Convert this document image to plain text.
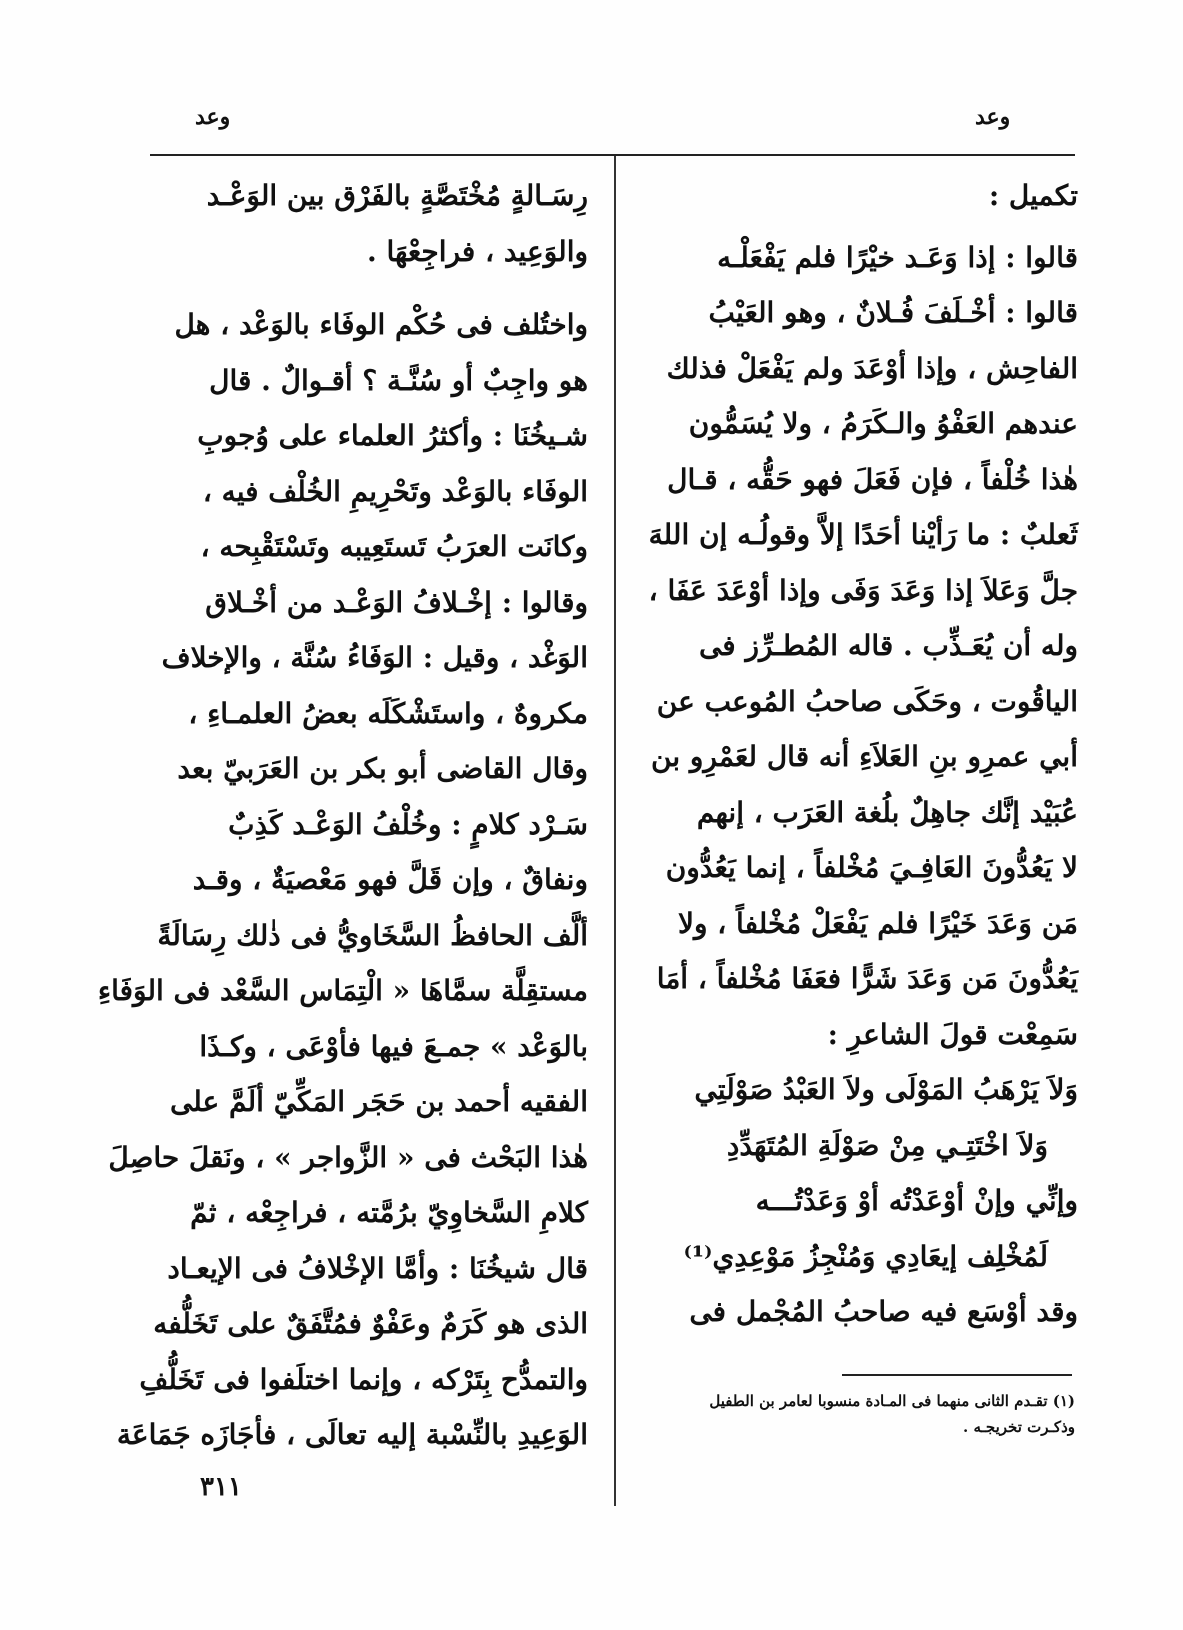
وعد
وعد

تكميل :

قالوا : إذا وَعَـد خيْرًا فلم يَفْعَلْـه

قالوا : أخْـلَفَ فُـلانٌ ، وهو العَيْبُ

الفاحِش ، وإذا أوْعَدَ ولم يَفْعَلْ فذلك

عندهم العَفْوُ والـكَرَمُ ، ولا يُسَمُّون

هٰذا خُلْفاً ، فإن فَعَلَ فهو حَقُّه ، قـال

ثَعلبٌ : ما رَأيْنا أحَدًا إلاَّ وقولُـه إن اللهَ

جلَّ وَعَلاَ إذا وَعَدَ وَفَى وإذا أوْعَدَ عَفَا ،

وله أن يُعَـذِّب . قاله المُطـرِّز فى

الياقُوت ، وحَكَى صاحبُ المُوعب عن

أبي عمرِو بنِ العَلاَءِ أنه قال لعَمْرِو بن

عُبَيْد إنَّك جاهِلٌ بلُغة العَرَب ، إنهم

لا يَعُدُّونَ العَافِـيَ مُخْلفاً ، إنما يَعُدُّون

مَن وَعَدَ خَيْرًا فلم يَفْعَلْ مُخْلفاً ، ولا

يَعُدُّونَ مَن وَعَدَ شَرًّا فعَفَا مُخْلفاً ، أمَا

سَمِعْت قولَ الشاعرِ :

وَلاَ يَرْهَبُ المَوْلَى ولاَ العَبْدُ صَوْلَتِي
وَلاَ اخْتَتِـي مِنْ صَوْلَةِ المُتَهَدِّدِ
وإنِّي وإنْ أوْعَدْتُه أوْ وَعَدْتُـــه
لَمُخْلِف إيعَادِي وَمُنْجِزُ مَوْعِدِي⁽¹⁾

وقد أوْسَع فيه صاحبُ المُجْمل فى

رِسَـالةٍ مُخْتَصَّةٍ بالفَرْق بين الوَعْـد

والوَعِيد ، فراجِعْهَا .

واختُلف فى حُكْم الوفَاء بالوَعْد ، هل

هو واجِبٌ أو سُنَّـة ؟ أقـوالٌ . قال

شـيخُنَا : وأكثرُ العلماء على وُجوبِ

الوفَاء بالوَعْد وتَحْرِيمِ الخُلْف فيه ،

وكانَت العرَبُ تَستَعِيبه وتَسْتَقْبِحه ،

وقالوا : إخْـلافُ الوَعْـد من أخْـلاق

الوَغْد ، وقيل : الوَفَاءُ سُنَّة ، والإخلاف

مكروهٌ ، واستَشْكَلَه بعضُ العلمـاءِ ،

وقال القاضى أبو بكر بن العَرَبيّ بعد

سَـرْد كلامٍ : وخُلْفُ الوَعْـد كَذِبٌ

ونفاقٌ ، وإن قَلَّ فهو مَعْصيَةٌ ، وقـد

ألَّف الحافظُ السَّخَاويُّ فى ذٰلك رِسَالَةً

مستقِلَّة سمَّاهَا « الْتِمَاس السَّعْد فى الوَفَاءِ

بالوَعْد » جمـعَ فيها فأوْعَى ، وكـذَا

الفقيه أحمد بن حَجَر المَكِّيّ ألَمَّ على

هٰذا البَحْث فى « الزَّواجر » ، ونَقلَ حاصِلَ

كلامِ السَّخاوِيّ برُمَّته ، فراجِعْه ، ثمّ

قال شيخُنَا : وأمَّا الإخْلافُ فى الإيعـاد

الذى هو كَرَمٌ وعَفْوٌ فمُتَّفَقٌ على تَخَلُّفه

والتمدُّح بِتَرْكه ، وإنما اختلَفوا فى تَخَلُّفِ

الوَعِيدِ بالنِّسْبة إليه تعالَى ، فأجَازَه جَمَاعَة

(١) تقـدم الثانى منهما فى المـادة منسوبا لعامر بن الطفيل
وذكـرت تخريجـه .
٣١١
